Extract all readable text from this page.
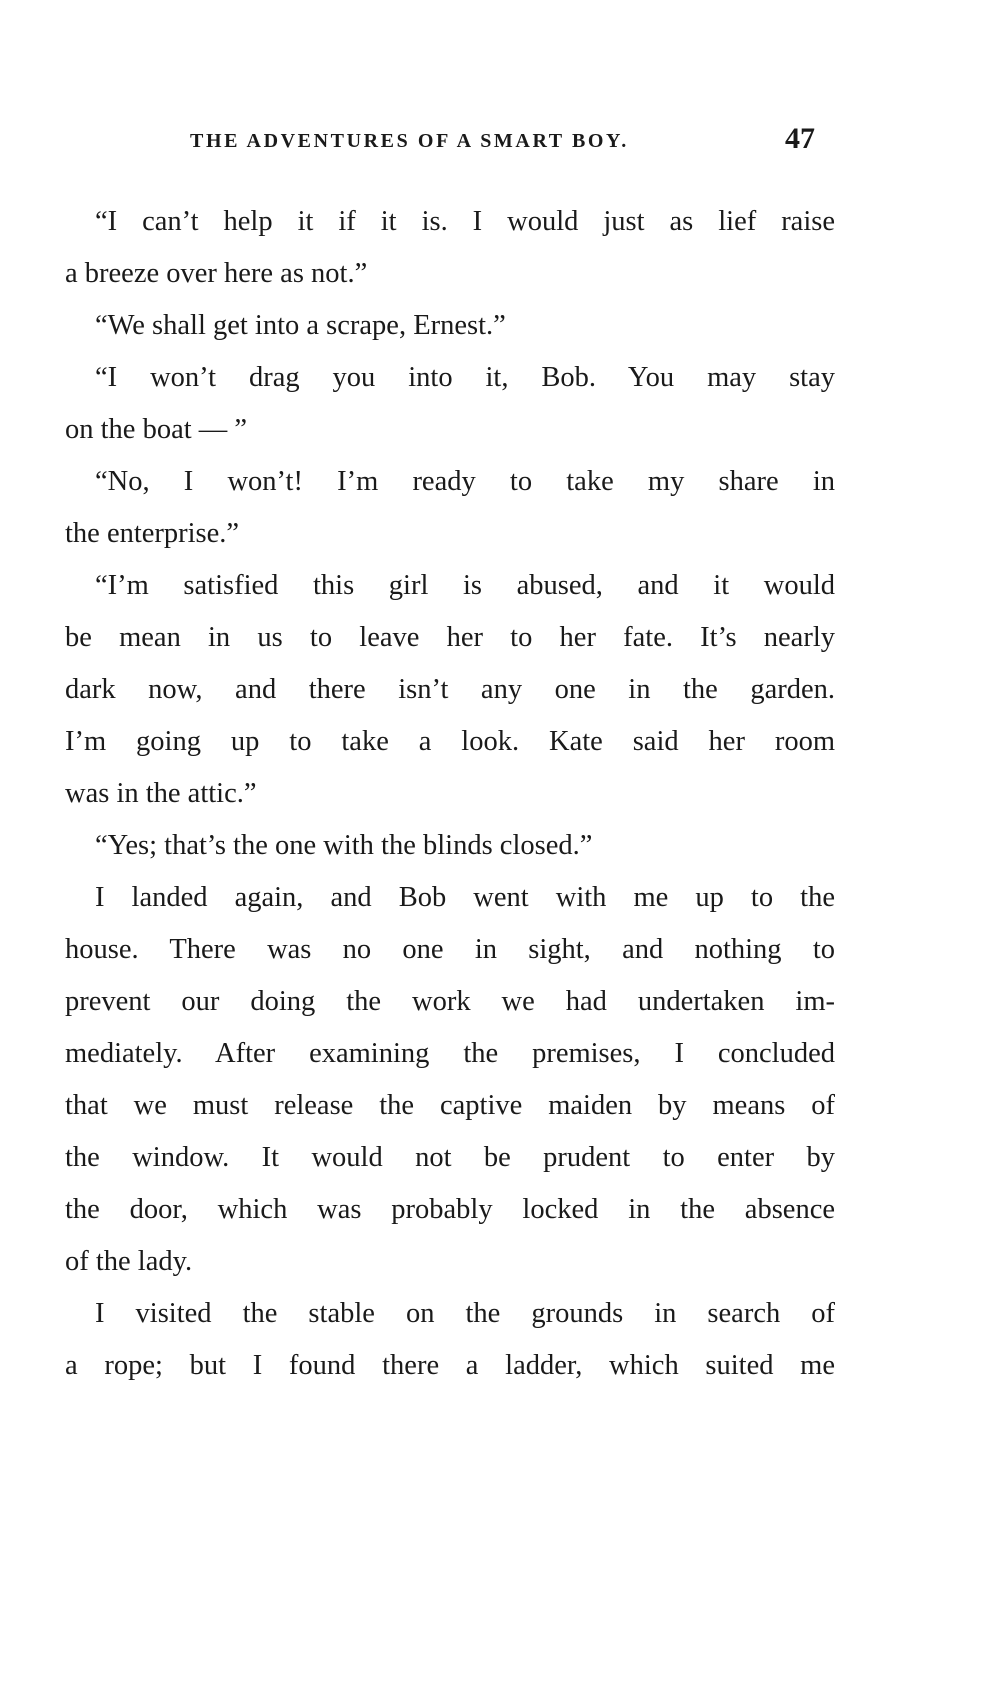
THE ADVENTURES OF A SMART BOY.	47
“I can’t help it if it is. I would just as lief raise
a breeze over here as not.”
“We shall get into a scrape, Ernest.”
“I won’t drag you into it, Bob. You may stay
on the boat — ”
“No, I won’t! I’m ready to take my share in
the enterprise.”
“I’m satisfied this girl is abused, and it would
be mean in us to leave her to her fate. It’s nearly
dark now, and there isn’t any one in the garden.
I’m going up to take a look. Kate said her room
was in the attic.”
“Yes; that’s the one with the blinds closed.”
I landed again, and Bob went with me up to the
house. There was no one in sight, and nothing to
prevent our doing the work we had undertaken im-
mediately. After examining the premises, I concluded
that we must release the captive maiden by means of
the window. It would not be prudent to enter by
the door, which was probably locked in the absence
of the lady.
I visited the stable on the grounds in search of
a rope; but I found there a ladder, which suited me
